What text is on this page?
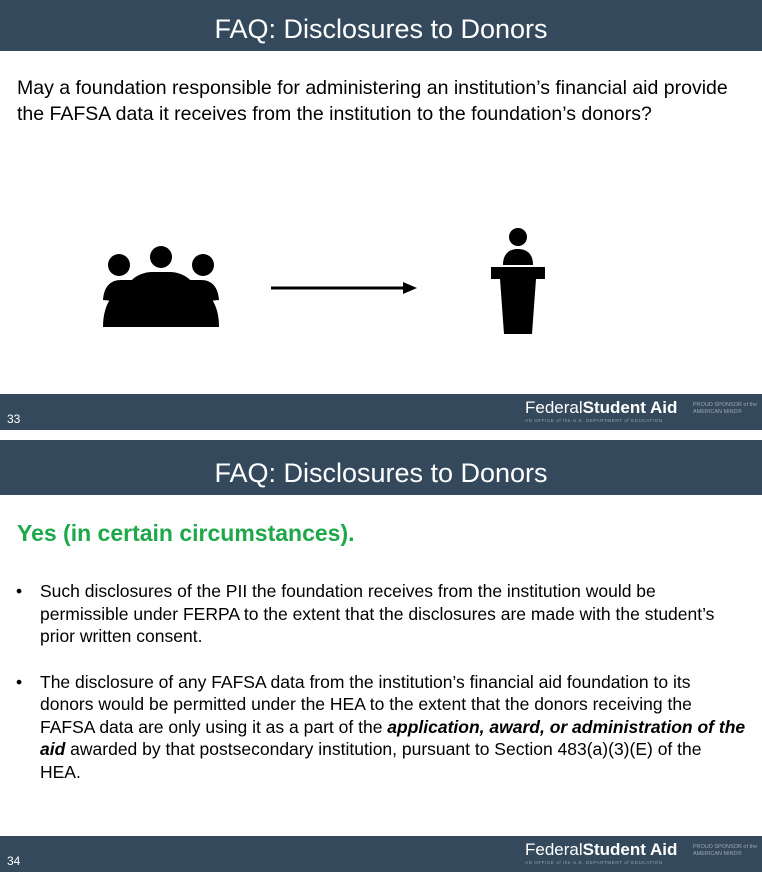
FAQ: Disclosures to Donors
May a foundation responsible for administering an institution’s financial aid provide the FAFSA data it receives from the institution to the foundation’s donors?
33
FederalStudent Aid
AN OFFICE of the U.S. DEPARTMENT of EDUCATION
PROUD SPONSOR of the AMERICAN MIND®
FAQ: Disclosures to Donors
Yes (in certain circumstances).
• Such disclosures of the PII the foundation receives from the institution would be permissible under FERPA to the extent that the disclosures are made with the student’s prior written consent.
• The disclosure of any FAFSA data from the institution’s financial aid foundation to its donors would be permitted under the HEA to the extent that the donors receiving the FAFSA data are only using it as a part of the application, award, or administration of the aid awarded by that postsecondary institution, pursuant to Section 483(a)(3)(E) of the HEA.
34
FederalStudent Aid
AN OFFICE of the U.S. DEPARTMENT of EDUCATION
PROUD SPONSOR of the AMERICAN MIND®
